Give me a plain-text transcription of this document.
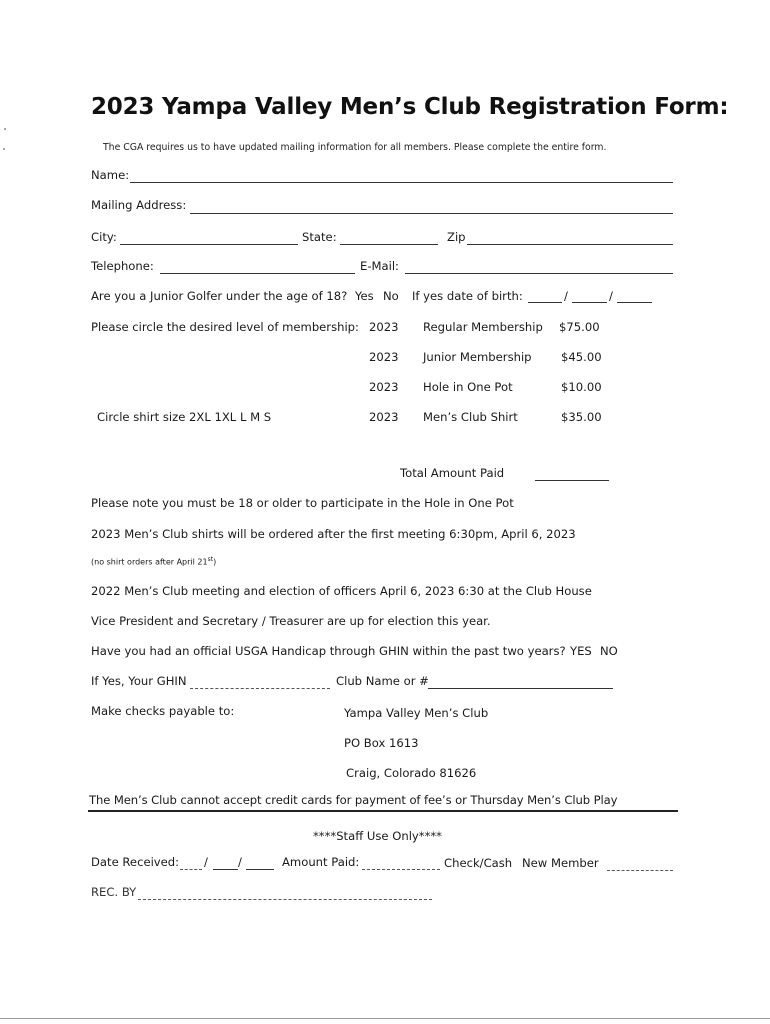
2023 Yampa Valley Men’s Club Registration Form:
The CGA requires us to have updated mailing information for all members. Please complete the entire form.
Name:
Mailing Address:
City:	State:	Zip
Telephone:	E-Mail:
Are you a Junior Golfer under the age of 18? Yes No If yes date of birth:	/	/
Please circle the desired level of membership: 2023 Regular Membership $75.00
2023 Junior Membership	$45.00
2023 Hole in One Pot	$10.00
Circle shirt size 2XL 1XL L M S	2023 Men’s Club Shirt	$35.00
Total Amount Paid
Please note you must be 18 or older to participate in the Hole in One Pot
2023 Men’s Club shirts will be ordered after the first meeting 6:30pm, April 6, 2023
(no shirt orders after April 21st)
2022 Men’s Club meeting and election of officers April 6, 2023 6:30 at the Club House
Vice President and Secretary / Treasurer are up for election this year.
Have you had an official USGA Handicap through GHIN within the past two years? YES NO
If Yes, Your GHIN	Club Name or #
Make checks payable to:	Yampa Valley Men’s Club
PO Box 1613
Craig, Colorado 81626
The Men’s Club cannot accept credit cards for payment of fee’s or Thursday Men’s Club Play
****Staff Use Only****
Date Received: /	/	Amount Paid:	Check/Cash New Member
REC. BY
